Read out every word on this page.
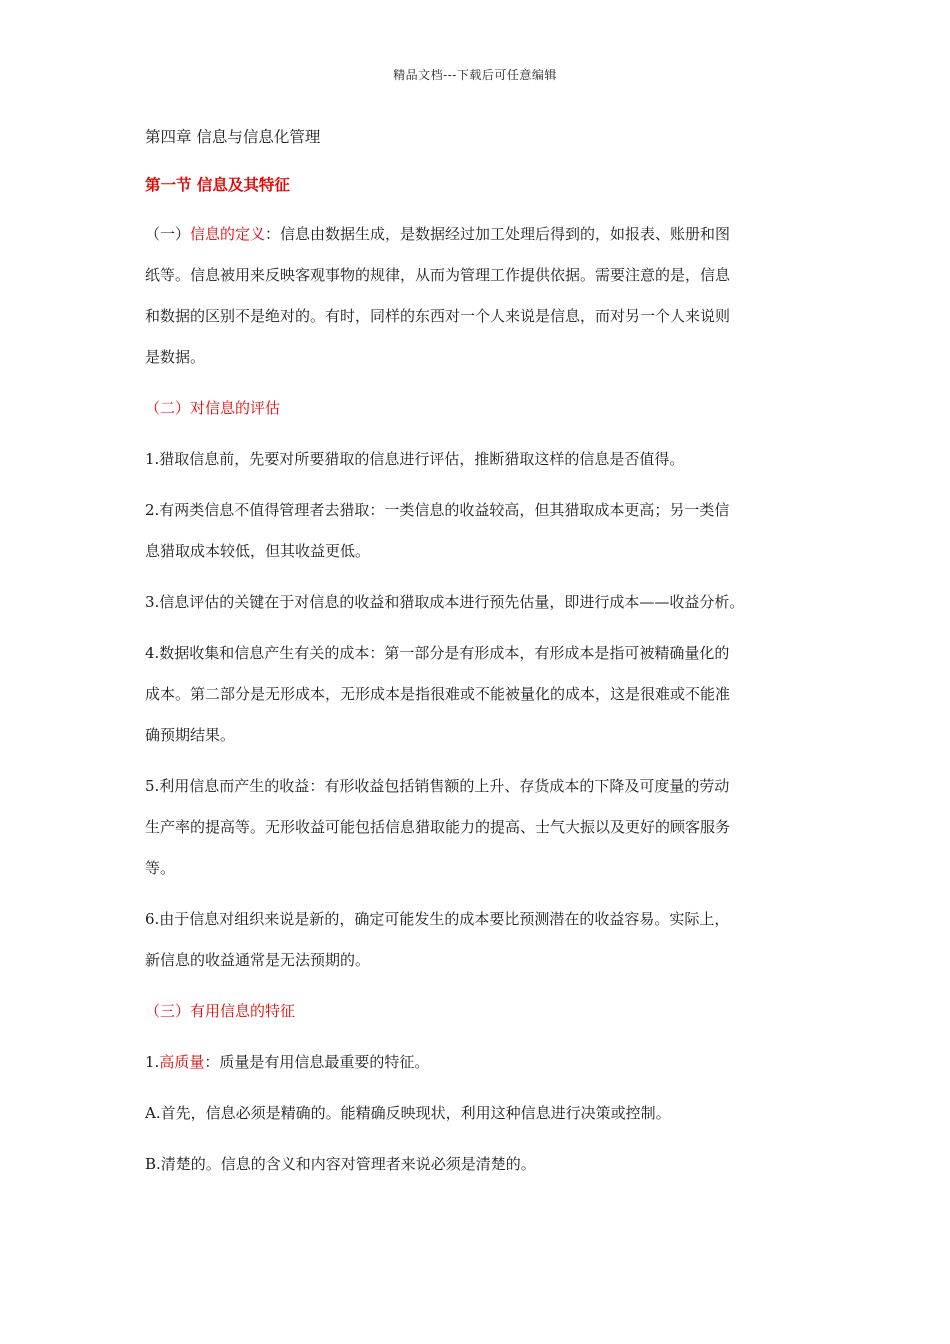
精品文档---下载后可任意编辑
第四章 信息与信息化管理
第一节 信息及其特征

（一）信息的定义：信息由数据生成，是数据经过加工处理后得到的，如报表、账册和图

纸等。信息被用来反映客观事物的规律，从而为管理工作提供依据。需要注意的是，信息

和数据的区别不是绝对的。有时，同样的东西对一个人来说是信息，而对另一个人来说则

是数据。

（二）对信息的评估

1.猎取信息前，先要对所要猎取的信息进行评估，推断猎取这样的信息是否值得。

2.有两类信息不值得管理者去猎取：一类信息的收益较高，但其猎取成本更高；另一类信

息猎取成本较低，但其收益更低。

3.信息评估的关键在于对信息的收益和猎取成本进行预先估量，即进行成本——收益分析。

4.数据收集和信息产生有关的成本：第一部分是有形成本，有形成本是指可被精确量化的

成本。第二部分是无形成本，无形成本是指很难或不能被量化的成本，这是很难或不能准

确预期结果。

5.利用信息而产生的收益：有形收益包括销售额的上升、存货成本的下降及可度量的劳动

生产率的提高等。无形收益可能包括信息猎取能力的提高、士气大振以及更好的顾客服务

等。

6.由于信息对组织来说是新的，确定可能发生的成本要比预测潜在的收益容易。实际上，

新信息的收益通常是无法预期的。

（三）有用信息的特征

1.高质量：质量是有用信息最重要的特征。

A.首先，信息必须是精确的。能精确反映现状，利用这种信息进行决策或控制。

B.清楚的。信息的含义和内容对管理者来说必须是清楚的。
